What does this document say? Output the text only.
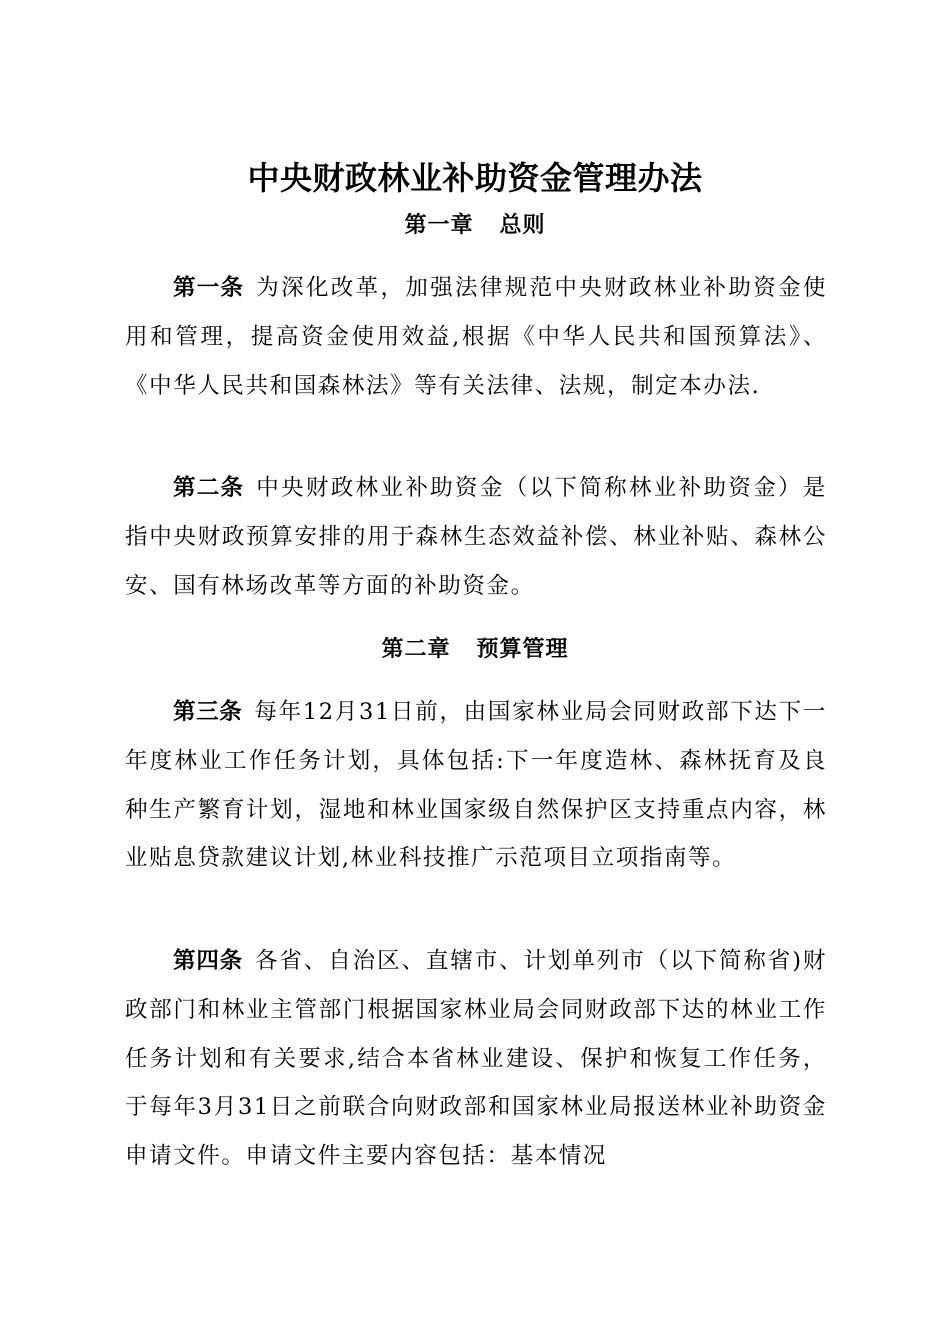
中央财政林业补助资金管理办法
第一章 总则

第一条 为深化改革，加强法律规范中央财政林业补助资金使用和管理，提高资金使用效益,根据《中华人民共和国预算法》、《中华人民共和国森林法》等有关法律、法规，制定本办法.

第二条 中央财政林业补助资金（以下简称林业补助资金）是指中央财政预算安排的用于森林生态效益补偿、林业补贴、森林公安、国有林场改革等方面的补助资金。

第二章 预算管理

第三条 每年12月31日前，由国家林业局会同财政部下达下一年度林业工作任务计划，具体包括:下一年度造林、森林抚育及良种生产繁育计划，湿地和林业国家级自然保护区支持重点内容，林业贴息贷款建议计划,林业科技推广示范项目立项指南等。

第四条 各省、自治区、直辖市、计划单列市（以下简称省)财政部门和林业主管部门根据国家林业局会同财政部下达的林业工作任务计划和有关要求,结合本省林业建设、保护和恢复工作任务，于每年3月31日之前联合向财政部和国家林业局报送林业补助资金申请文件。申请文件主要内容包括：基本情况
